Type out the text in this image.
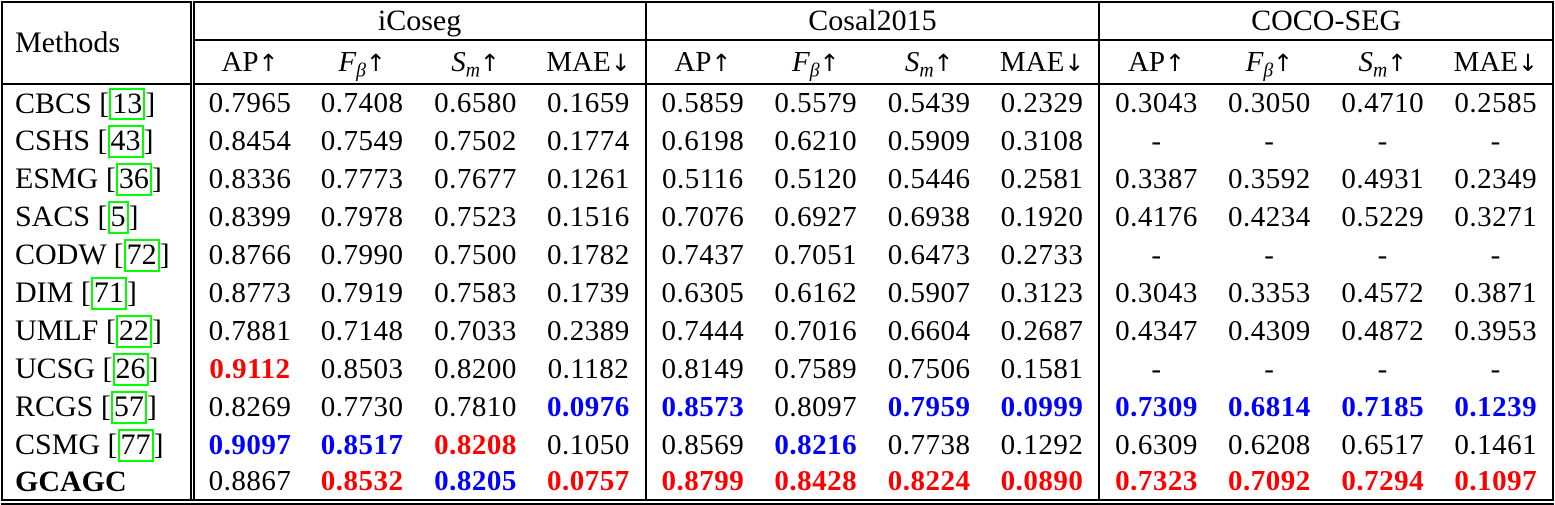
Methods	iCoseg				Cosal2015				COCO-SEG			
	AP↑	$F_\beta↑$	$S_m↑$	MAE↓	AP↑	$F_\beta↑$	$S_m↑$	MAE↓	AP↑	$F_\beta↑$	$S_m↑$	MAE↓
CBCS [ 13 ]	0.7965	0.7408	0.6580	0.1659	0.5859	0.5579	0.5439	0.2329	0.3043	0.3050	0.4710	0.2585
CSHS [ 43 ]	0.8454	0.7549	0.7502	0.1774	0.6198	0.6210	0.5909	0.3108	-	-	-	-
ESMG [ 36 ]	0.8336	0.7773	0.7677	0.1261	0.5116	0.5120	0.5446	0.2581	0.3387	0.3592	0.4931	0.2349
SACS [ 5 ]	0.8399	0.7978	0.7523	0.1516	0.7076	0.6927	0.6938	0.1920	0.4176	0.4234	0.5229	0.3271
CODW [ 72 ]	0.8766	0.7990	0.7500	0.1782	0.7437	0.7051	0.6473	0.2733	-	-	-	-
DIM [ 71 ]	0.8773	0.7919	0.7583	0.1739	0.6305	0.6162	0.5907	0.3123	0.3043	0.3353	0.4572	0.3871
UMLF [ 22 ]	0.7881	0.7148	0.7033	0.2389	0.7444	0.7016	0.6604	0.2687	0.4347	0.4309	0.4872	0.3953
UCSG [ 26 ]	0.9112	0.8503	0.8200	0.1182	0.8149	0.7589	0.7506	0.1581	-	-	-	-
RCGS [ 57 ]	0.8269	0.7730	0.7810	0.0976	0.8573	0.8097	0.7959	0.0999	0.7309	0.6814	0.7185	0.1239
CSMG [ 77 ]	0.9097	0.8517	0.8208	0.1050	0.8569	0.8216	0.7738	0.1292	0.6309	0.6208	0.6517	0.1461
GCAGC	0.8867	0.8532	0.8205	0.0757	0.8799	0.8428	0.8224	0.0890	0.7323	0.7092	0.7294	0.1097
